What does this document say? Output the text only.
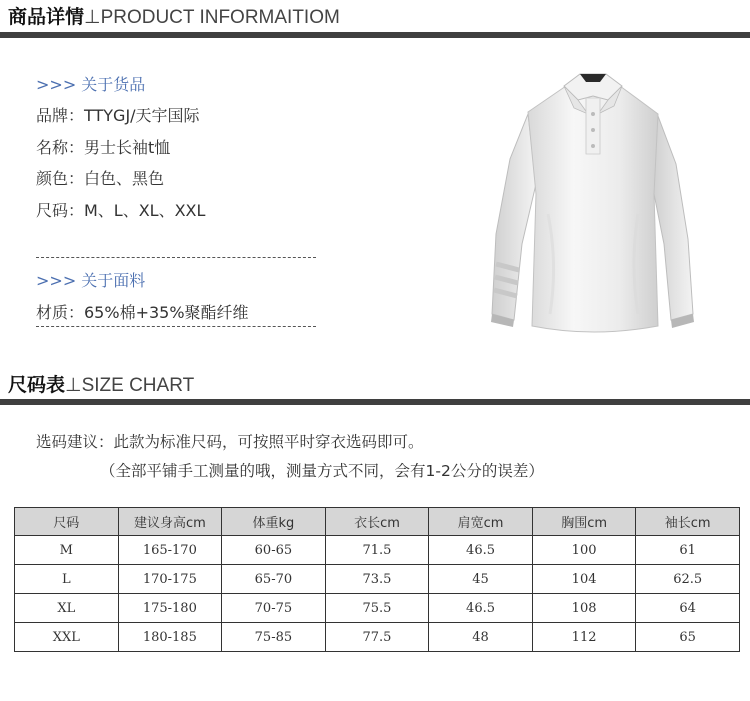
商品详情⊥PRODUCT INFORMAITIOM
>>> 关于货品
品牌：TTYGJ/天宇国际
名称：男士长袖t恤
颜色：白色、黑色
尺码：M、L、XL、XXL
>>> 关于面料
材质：65%棉+35%聚酯纤维
尺码表⊥SIZE CHART
选码建议：此款为标准尺码，可按照平时穿衣选码即可。
（全部平铺手工测量的哦，测量方式不同，会有1-2公分的误差）
尺码	建议身高cm	体重kg	衣长cm	肩宽cm	胸围cm	袖长cm
M	165-170	60-65	71.5	46.5	100	61
L	170-175	65-70	73.5	45	104	62.5
XL	175-180	70-75	75.5	46.5	108	64
XXL	180-185	75-85	77.5	48	112	65
